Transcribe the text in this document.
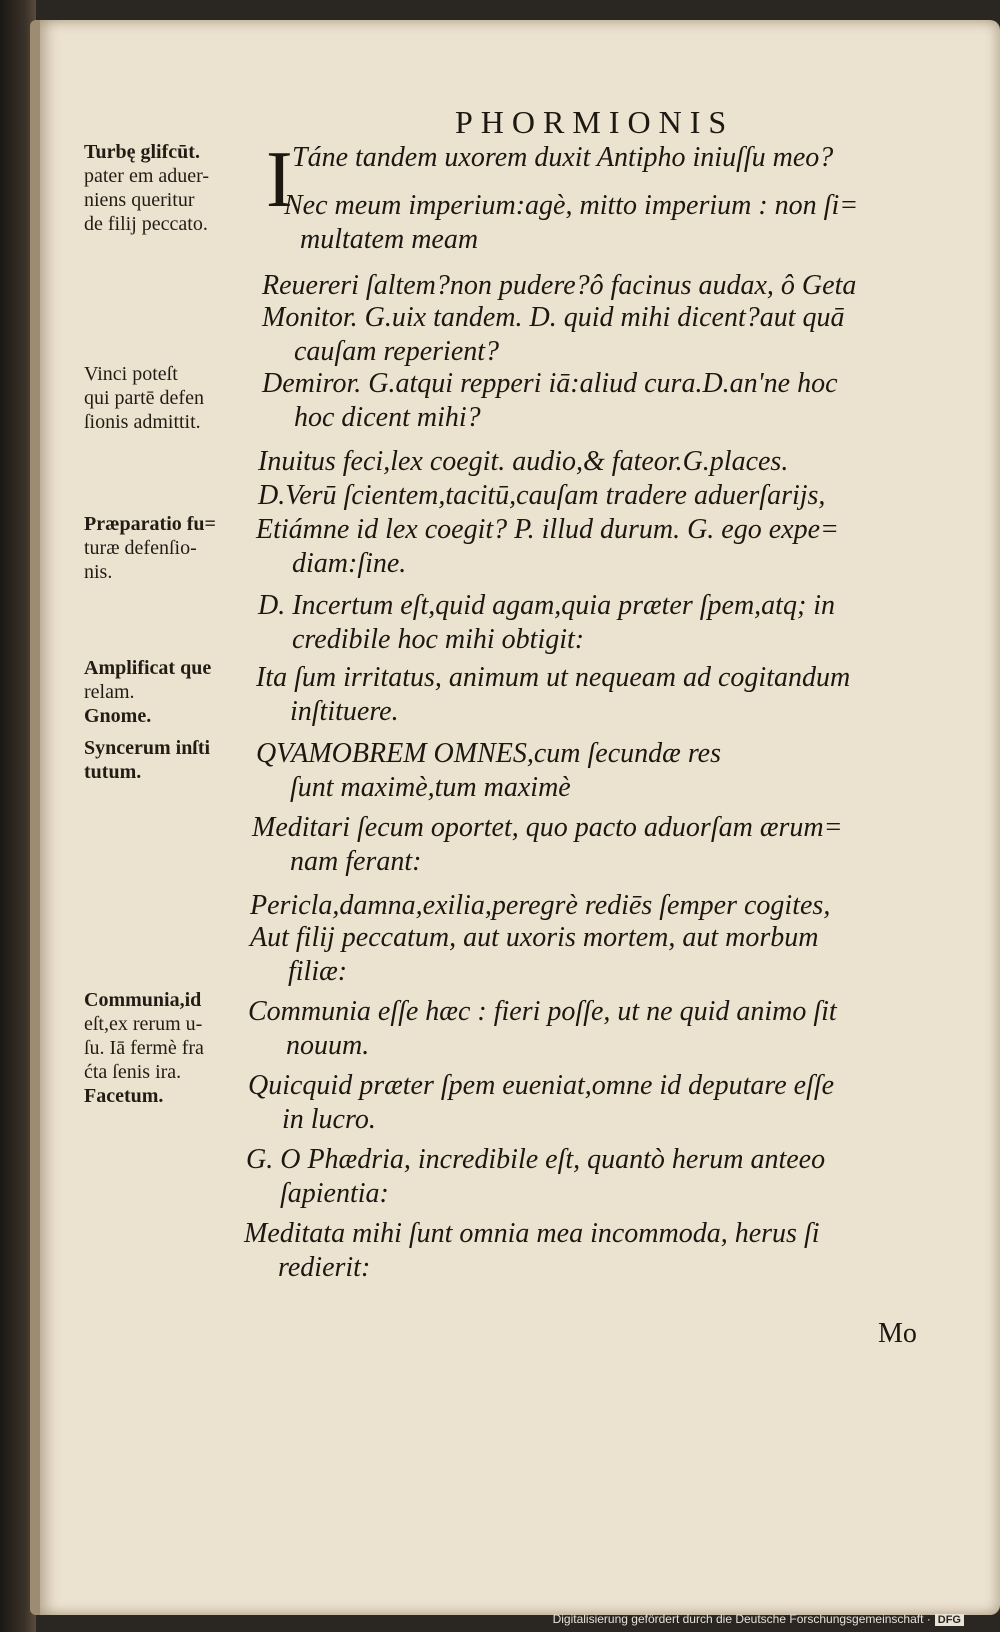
PHORMIONIS
I
Turbę glifcūt.
pater em aduer-
niens queritur
de filij peccato.
Vinci poteſt
qui partē defen
ſionis admittit.
Præparatio fu=
turæ defenſio-
nis.
Amplificat que
relam.
Gnome.
Syncerum inſti
tutum.
Communia,id
eſt,ex rerum u-
ſu. Iā fermè fra
ćta ſenis ira.
Facetum.
Táne tandem uxorem duxit Antipho iniuſſu meo?
Nec meum imperium:agè, mitto imperium : non ſi=
multatem meam
Reuereri ſaltem?non pudere?ô facinus audax, ô Geta
Monitor. G.uix tandem. D. quid mihi dicent?aut quā
cauſam reperient?
Demiror. G.atqui repperi iā:aliud cura.D.an'ne hoc
hoc dicent mihi?
Inuitus feci,lex coegit. audio,& fateor.G.places.
D.Verū ſcientem,tacitū,cauſam tradere aduerſarijs,
Etiámne id lex coegit? P. illud durum. G. ego expe=
diam:ſine.
D. Incertum eſt,quid agam,quia præter ſpem,atq; in
credibile hoc mihi obtigit:
Ita ſum irritatus, animum ut nequeam ad cogitandum
inſtituere.
QVAMOBREM OMNES,cum ſecundæ res
ſunt maximè,tum maximè
Meditari ſecum oportet, quo pacto aduorſam ærum=
nam ferant:
Pericla,damna,exilia,peregrè rediēs ſemper cogites,
Aut filij peccatum, aut uxoris mortem, aut morbum
filiæ:
Communia eſſe hæc : fieri poſſe, ut ne quid animo ſit
nouum.
Quicquid præter ſpem eueniat,omne id deputare eſſe
in lucro.
G. O Phædria, incredibile eſt, quantò herum anteeo
ſapientia:
Meditata mihi ſunt omnia mea incommoda, herus ſi
redierit:
Mo
Digitalisierung gefördert durch die Deutsche Forschungsgemeinschaft · DFG
